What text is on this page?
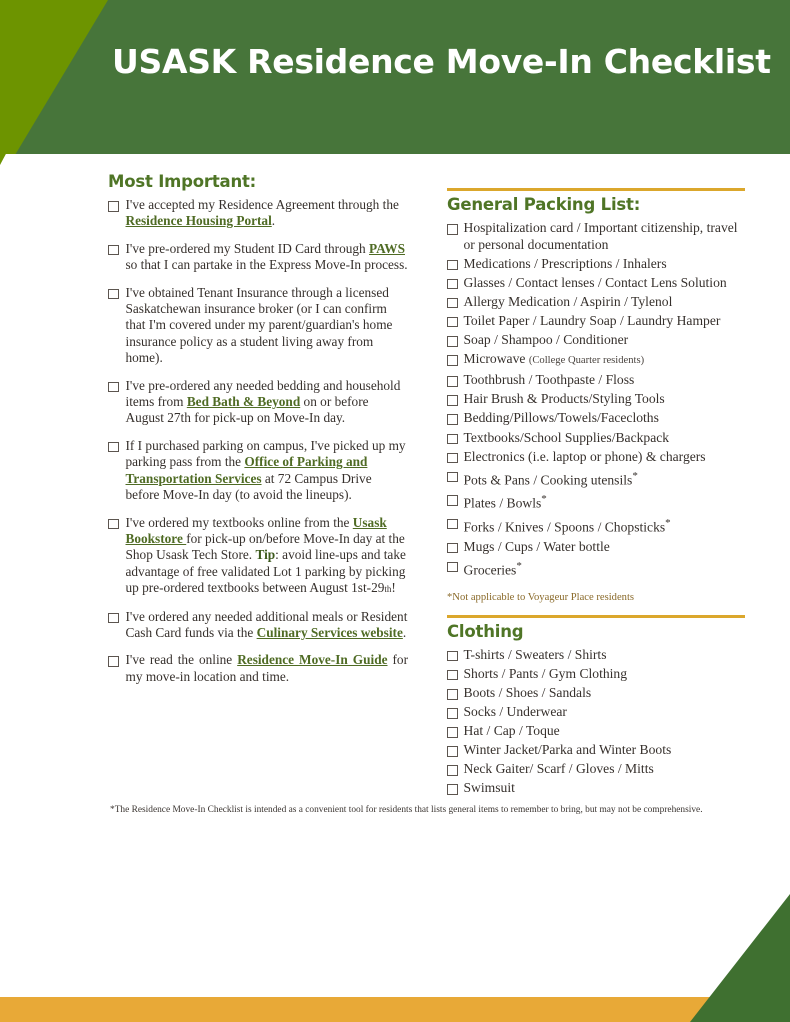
USASK Residence Move-In Checklist
Most Important:
I've accepted my Residence Agreement through the Residence Housing Portal.
I've pre-ordered my Student ID Card through PAWS so that I can partake in the Express Move-In process.
I've obtained Tenant Insurance through a licensed Saskatchewan insurance broker (or I can confirm that I'm covered under my parent/guardian's home insurance policy as a student living away from home).
I've pre-ordered any needed bedding and household items from Bed Bath & Beyond on or before August 27th for pick-up on Move-In day.
If I purchased parking on campus, I've picked up my parking pass from the Office of Parking and Transportation Services at 72 Campus Drive before Move-In day (to avoid the lineups).
I've ordered my textbooks online from the Usask Bookstore for pick-up on/before Move-In day at the Shop Usask Tech Store. Tip: avoid line-ups and take advantage of free validated Lot 1 parking by picking up pre-ordered textbooks between August 1st-29th!
I've ordered any needed additional meals or Resident Cash Card funds via the Culinary Services website.
I've read the online Residence Move-In Guide for my move-in location and time.
General Packing List:
Hospitalization card / Important citizenship, travel or personal documentation
Medications / Prescriptions / Inhalers
Glasses / Contact lenses / Contact Lens Solution
Allergy Medication / Aspirin / Tylenol
Toilet Paper / Laundry Soap / Laundry Hamper
Soap / Shampoo / Conditioner
Microwave (College Quarter residents)
Toothbrush / Toothpaste / Floss
Hair Brush & Products/Styling Tools
Bedding/Pillows/Towels/Facecloths
Textbooks/School Supplies/Backpack
Electronics (i.e. laptop or phone) & chargers
Pots & Pans / Cooking utensils*
Plates / Bowls*
Forks / Knives / Spoons / Chopsticks*
Mugs / Cups / Water bottle
Groceries*
*Not applicable to Voyageur Place residents
Clothing
T-shirts / Sweaters / Shirts
Shorts / Pants / Gym Clothing
Boots / Shoes / Sandals
Socks / Underwear
Hat / Cap / Toque
Winter Jacket/Parka and Winter Boots
Neck Gaiter/ Scarf / Gloves / Mitts
Swimsuit
*The Residence Move-In Checklist is intended as a convenient tool for residents that lists general items to remember to bring, but may not be comprehensive.
